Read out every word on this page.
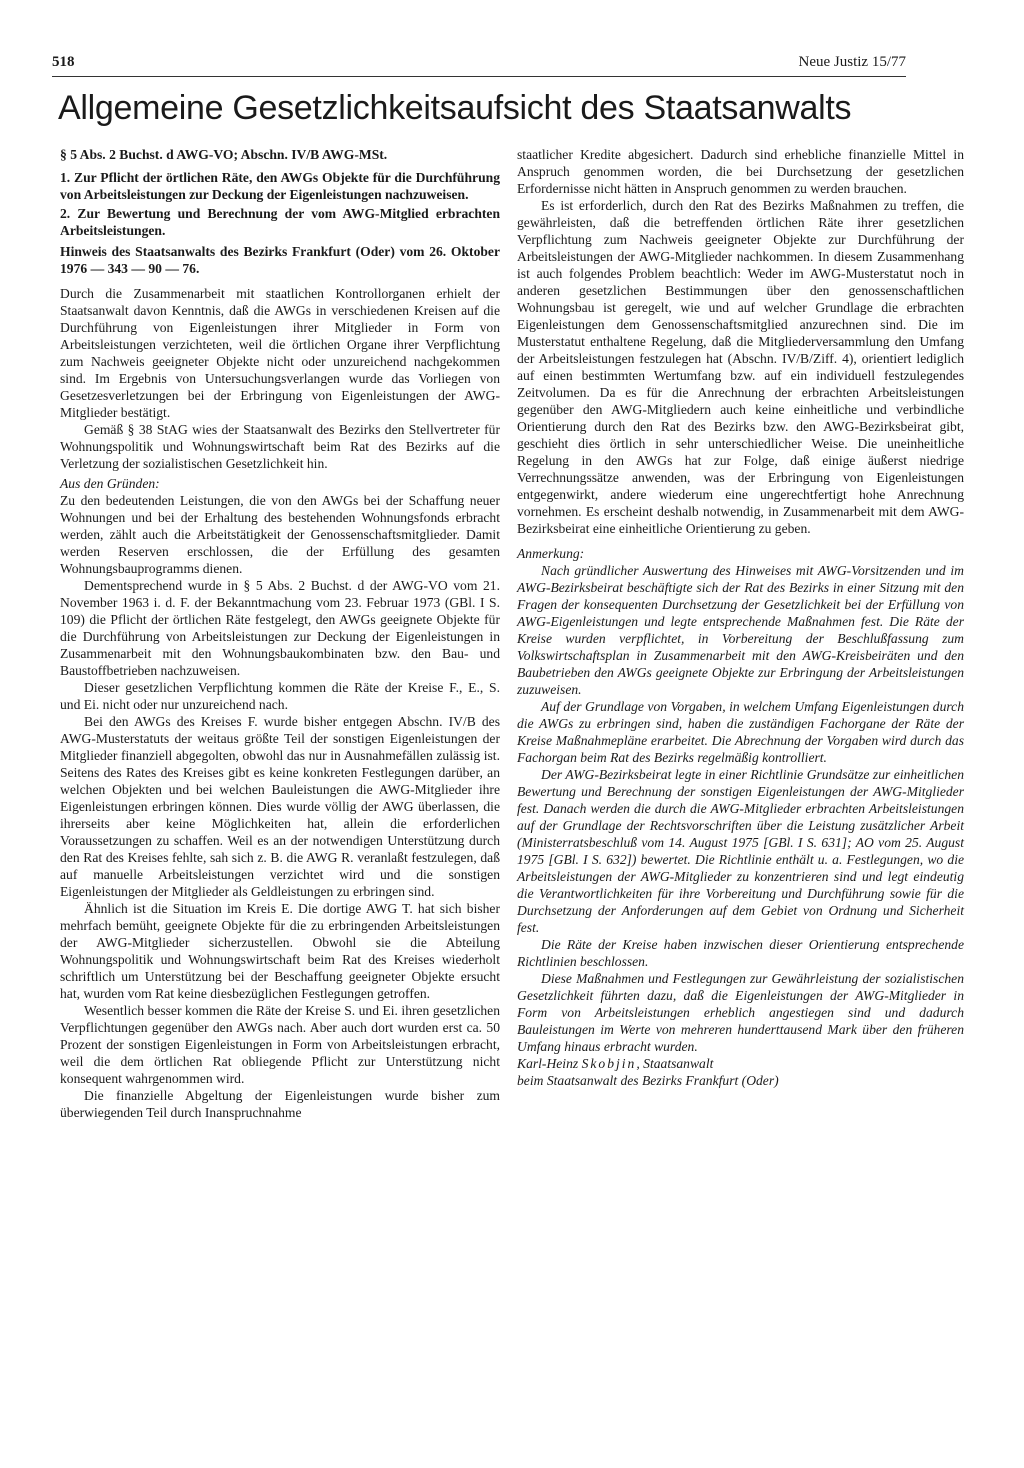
518	Neue Justiz 15/77
Allgemeine Gesetzlichkeitsaufsicht des Staatsanwalts

§ 5 Abs. 2 Buchst. d AWG-VO; Abschn. IV/B AWG-MSt.

1. Zur Pflicht der örtlichen Räte, den AWGs Objekte für die Durchführung von Arbeitsleistungen zur Deckung der Eigenleistungen nachzuweisen.

2. Zur Bewertung und Berechnung der vom AWG-Mitglied erbrachten Arbeitsleistungen.

Hinweis des Staatsanwalts des Bezirks Frankfurt (Oder) vom 26. Oktober 1976 — 343 — 90 — 76.

Durch die Zusammenarbeit mit staatlichen Kontrollorganen erhielt der Staatsanwalt davon Kenntnis, daß die AWGs in verschiedenen Kreisen auf die Durchführung von Eigenleistungen ihrer Mitglieder in Form von Arbeitsleistungen verzichteten, weil die örtlichen Organe ihrer Verpflichtung zum Nachweis geeigneter Objekte nicht oder unzureichend nachgekommen sind. Im Ergebnis von Untersuchungsverlangen wurde das Vorliegen von Gesetzesverletzungen bei der Erbringung von Eigenleistungen der AWG-Mitglieder bestätigt.

Gemäß § 38 StAG wies der Staatsanwalt des Bezirks den Stellvertreter für Wohnungspolitik und Wohnungswirtschaft beim Rat des Bezirks auf die Verletzung der sozialistischen Gesetzlichkeit hin.

Aus den Gründen:

Zu den bedeutenden Leistungen, die von den AWGs bei der Schaffung neuer Wohnungen und bei der Erhaltung des bestehenden Wohnungsfonds erbracht werden, zählt auch die Arbeitstätigkeit der Genossenschaftsmitglieder. Damit werden Reserven erschlossen, die der Erfüllung des gesamten Wohnungsbauprogramms dienen.

Dementsprechend wurde in § 5 Abs. 2 Buchst. d der AWG-VO vom 21. November 1963 i. d. F. der Bekanntmachung vom 23. Februar 1973 (GBl. I S. 109) die Pflicht der örtlichen Räte festgelegt, den AWGs geeignete Objekte für die Durchführung von Arbeitsleistungen zur Deckung der Eigenleistungen in Zusammenarbeit mit den Wohnungsbaukombinaten bzw. den Bau- und Baustoffbetrieben nachzuweisen.

Dieser gesetzlichen Verpflichtung kommen die Räte der Kreise F., E., S. und Ei. nicht oder nur unzureichend nach.

Bei den AWGs des Kreises F. wurde bisher entgegen Abschn. IV/B des AWG-Musterstatuts der weitaus größte Teil der sonstigen Eigenleistungen der Mitglieder finanziell abgegolten, obwohl das nur in Ausnahmefällen zulässig ist. Seitens des Rates des Kreises gibt es keine konkreten Festlegungen darüber, an welchen Objekten und bei welchen Bauleistungen die AWG-Mitglieder ihre Eigenleistungen erbringen können. Dies wurde völlig der AWG überlassen, die ihrerseits aber keine Möglichkeiten hat, allein die erforderlichen Voraussetzungen zu schaffen. Weil es an der notwendigen Unterstützung durch den Rat des Kreises fehlte, sah sich z. B. die AWG R. veranlaßt festzulegen, daß auf manuelle Arbeitsleistungen verzichtet wird und die sonstigen Eigenleistungen der Mitglieder als Geldleistungen zu erbringen sind.

Ähnlich ist die Situation im Kreis E. Die dortige AWG T. hat sich bisher mehrfach bemüht, geeignete Objekte für die zu erbringenden Arbeitsleistungen der AWG-Mitglieder sicherzustellen. Obwohl sie die Abteilung Wohnungspolitik und Wohnungswirtschaft beim Rat des Kreises wiederholt schriftlich um Unterstützung bei der Beschaffung geeigneter Objekte ersucht hat, wurden vom Rat keine diesbezüglichen Festlegungen getroffen.

Wesentlich besser kommen die Räte der Kreise S. und Ei. ihren gesetzlichen Verpflichtungen gegenüber den AWGs nach. Aber auch dort wurden erst ca. 50 Prozent der sonstigen Eigenleistungen in Form von Arbeitsleistungen erbracht, weil die dem örtlichen Rat obliegende Pflicht zur Unterstützung nicht konsequent wahrgenommen wird.

Die finanzielle Abgeltung der Eigenleistungen wurde bisher zum überwiegenden Teil durch Inanspruchnahme

staatlicher Kredite abgesichert. Dadurch sind erhebliche finanzielle Mittel in Anspruch genommen worden, die bei Durchsetzung der gesetzlichen Erfordernisse nicht hätten in Anspruch genommen zu werden brauchen.

Es ist erforderlich, durch den Rat des Bezirks Maßnahmen zu treffen, die gewährleisten, daß die betreffenden örtlichen Räte ihrer gesetzlichen Verpflichtung zum Nachweis geeigneter Objekte zur Durchführung der Arbeitsleistungen der AWG-Mitglieder nachkommen. In diesem Zusammenhang ist auch folgendes Problem beachtlich: Weder im AWG-Musterstatut noch in anderen gesetzlichen Bestimmungen über den genossenschaftlichen Wohnungsbau ist geregelt, wie und auf welcher Grundlage die erbrachten Eigenleistungen dem Genossenschaftsmitglied anzurechnen sind. Die im Musterstatut enthaltene Regelung, daß die Mitgliederversammlung den Umfang der Arbeitsleistungen festzulegen hat (Abschn. IV/B/Ziff. 4), orientiert lediglich auf einen bestimmten Wertumfang bzw. auf ein individuell festzulegendes Zeitvolumen. Da es für die Anrechnung der erbrachten Arbeitsleistungen gegenüber den AWG-Mitgliedern auch keine einheitliche und verbindliche Orientierung durch den Rat des Bezirks bzw. den AWG-Bezirksbeirat gibt, geschieht dies örtlich in sehr unterschiedlicher Weise. Die uneinheitliche Regelung in den AWGs hat zur Folge, daß einige äußerst niedrige Verrechnungssätze anwenden, was der Erbringung von Eigenleistungen entgegenwirkt, andere wiederum eine ungerechtfertigt hohe Anrechnung vornehmen. Es erscheint deshalb notwendig, in Zusammenarbeit mit dem AWG-Bezirksbeirat eine einheitliche Orientierung zu geben.

Anmerkung:

Nach gründlicher Auswertung des Hinweises mit AWG-Vorsitzenden und im AWG-Bezirksbeirat beschäftigte sich der Rat des Bezirks in einer Sitzung mit den Fragen der konsequenten Durchsetzung der Gesetzlichkeit bei der Erfüllung von AWG-Eigenleistungen und legte entsprechende Maßnahmen fest. Die Räte der Kreise wurden verpflichtet, in Vorbereitung der Beschlußfassung zum Volkswirtschaftsplan in Zusammenarbeit mit den AWG-Kreisbeiräten und den Baubetrieben den AWGs geeignete Objekte zur Erbringung der Arbeitsleistungen zuzuweisen.

Auf der Grundlage von Vorgaben, in welchem Umfang Eigenleistungen durch die AWGs zu erbringen sind, haben die zuständigen Fachorgane der Räte der Kreise Maßnahmepläne erarbeitet. Die Abrechnung der Vorgaben wird durch das Fachorgan beim Rat des Bezirks regelmäßig kontrolliert.

Der AWG-Bezirksbeirat legte in einer Richtlinie Grundsätze zur einheitlichen Bewertung und Berechnung der sonstigen Eigenleistungen der AWG-Mitglieder fest. Danach werden die durch die AWG-Mitglieder erbrachten Arbeitsleistungen auf der Grundlage der Rechtsvorschriften über die Leistung zusätzlicher Arbeit (Ministerratsbeschluß vom 14. August 1975 [GBl. I S. 631]; AO vom 25. August 1975 [GBl. I S. 632]) bewertet. Die Richtlinie enthält u. a. Festlegungen, wo die Arbeitsleistungen der AWG-Mitglieder zu konzentrieren sind und legt eindeutig die Verantwortlichkeiten für ihre Vorbereitung und Durchführung sowie für die Durchsetzung der Anforderungen auf dem Gebiet von Ordnung und Sicherheit fest.

Die Räte der Kreise haben inzwischen dieser Orientierung entsprechende Richtlinien beschlossen.

Diese Maßnahmen und Festlegungen zur Gewährleistung der sozialistischen Gesetzlichkeit führten dazu, daß die Eigenleistungen der AWG-Mitglieder in Form von Arbeitsleistungen erheblich angestiegen sind und dadurch Bauleistungen im Werte von mehreren hunderttausend Mark über den früheren Umfang hinaus erbracht wurden.

Karl-Heinz Skobjin, Staatsanwalt

beim Staatsanwalt des Bezirks Frankfurt (Oder)
